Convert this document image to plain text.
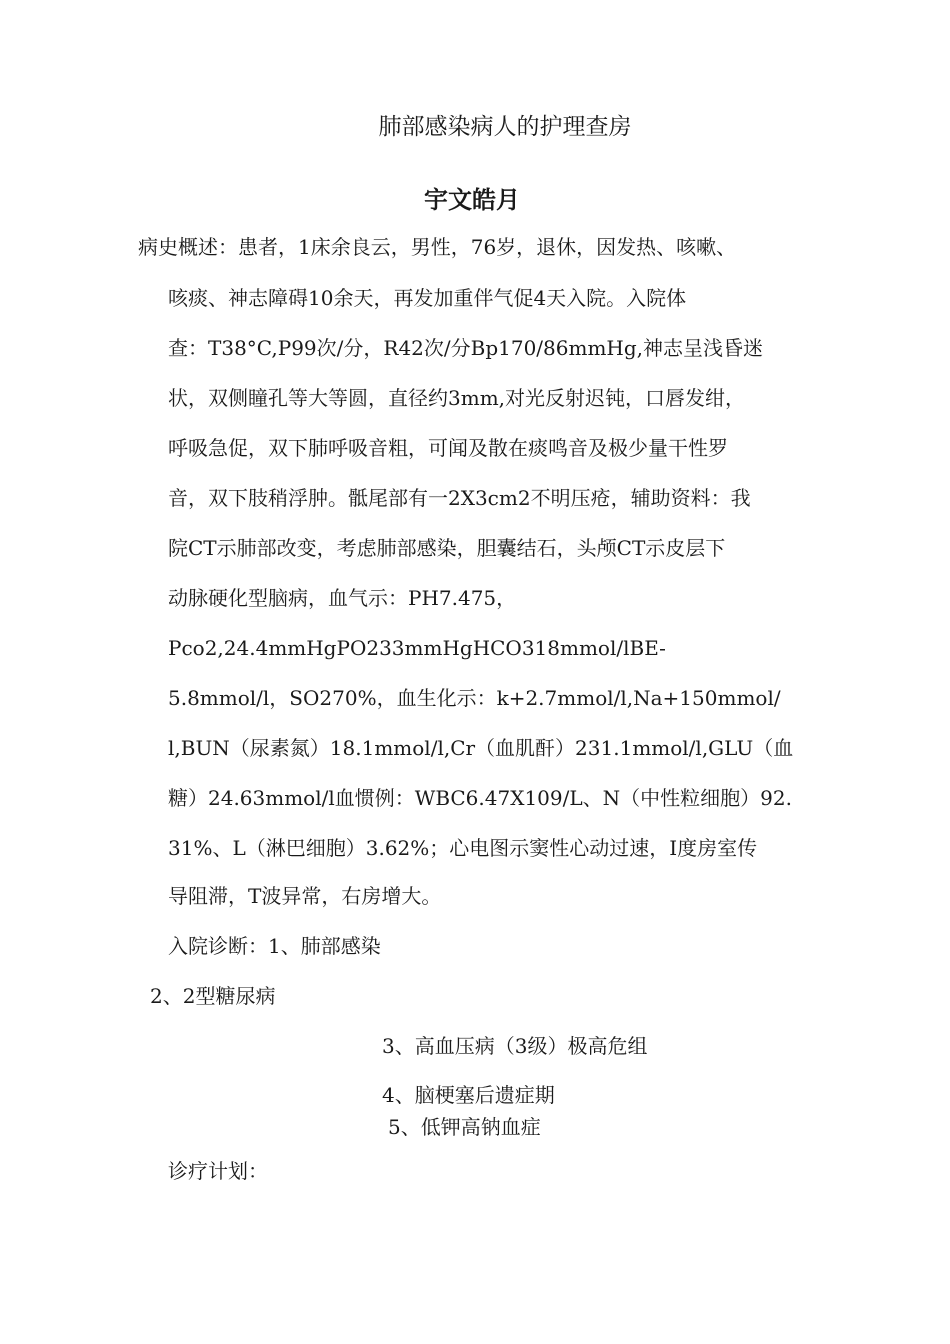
肺部感染病人的护理查房
宇文皓月
病史概述：患者，1床余良云，男性，76岁，退休，因发热、咳嗽、
咳痰、神志障碍10余天，再发加重伴气促4天入院。入院体
查：T38°C,P99次/分，R42次/分Bp170/86mmHg,神志呈浅昏迷
状，双侧瞳孔等大等圆，直径约3mm,对光反射迟钝，口唇发绀，
呼吸急促，双下肺呼吸音粗，可闻及散在痰鸣音及极少量干性罗
音，双下肢稍浮肿。骶尾部有一2X3cm2不明压疮，辅助资料：我
院CT示肺部改变，考虑肺部感染，胆囊结石，头颅CT示皮层下
动脉硬化型脑病，血气示：PH7.475，
Pco2,24.4mmHgPO233mmHgHCO318mmol/lBE-
5.8mmol/l，SO270%，血生化示：k+2.7mmol/l,Na+150mmol/
l,BUN（尿素氮）18.1mmol/l,Cr（血肌酐）231.1mmol/l,GLU（血
糖）24.63mmol/l血惯例：WBC6.47X109/L、N（中性粒细胞）92.
31%、L（淋巴细胞）3.62%；心电图示窦性心动过速，I度房室传
导阻滞，T波异常，右房增大。
入院诊断：1、肺部感染
2、2型糖尿病
3、高血压病（3级）极高危组
4、脑梗塞后遗症期
5、低钾高钠血症
诊疗计划：
